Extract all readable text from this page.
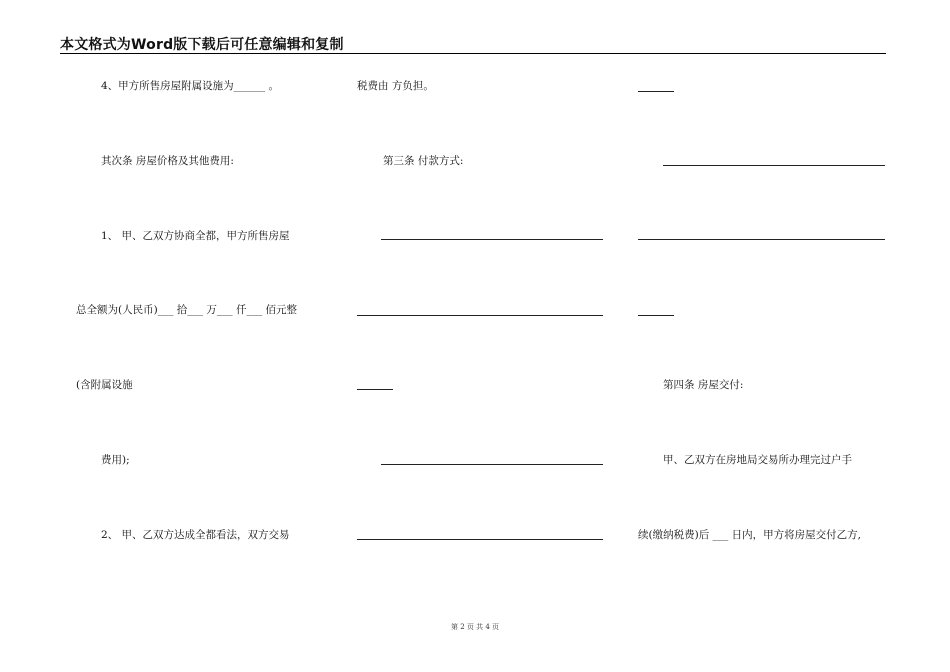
本文格式为Word版下载后可任意编辑和复制
4、甲方所售房屋附属设施为______ 。
其次条 房屋价格及其他费用:
1、 甲、乙双方协商全都，甲方所售房屋
总全额为(人民币)___ 拾___ 万___ 仟___ 佰元整
(含附属设施
费用);
2、 甲、乙双方达成全都看法，双方交易
税费由 方负担。
第三条 付款方式:
第四条 房屋交付:
甲、乙双方在房地局交易所办理完过户手
续(缴纳税费)后 ___ 日内，甲方将房屋交付乙方,
第 2 页 共 4 页
